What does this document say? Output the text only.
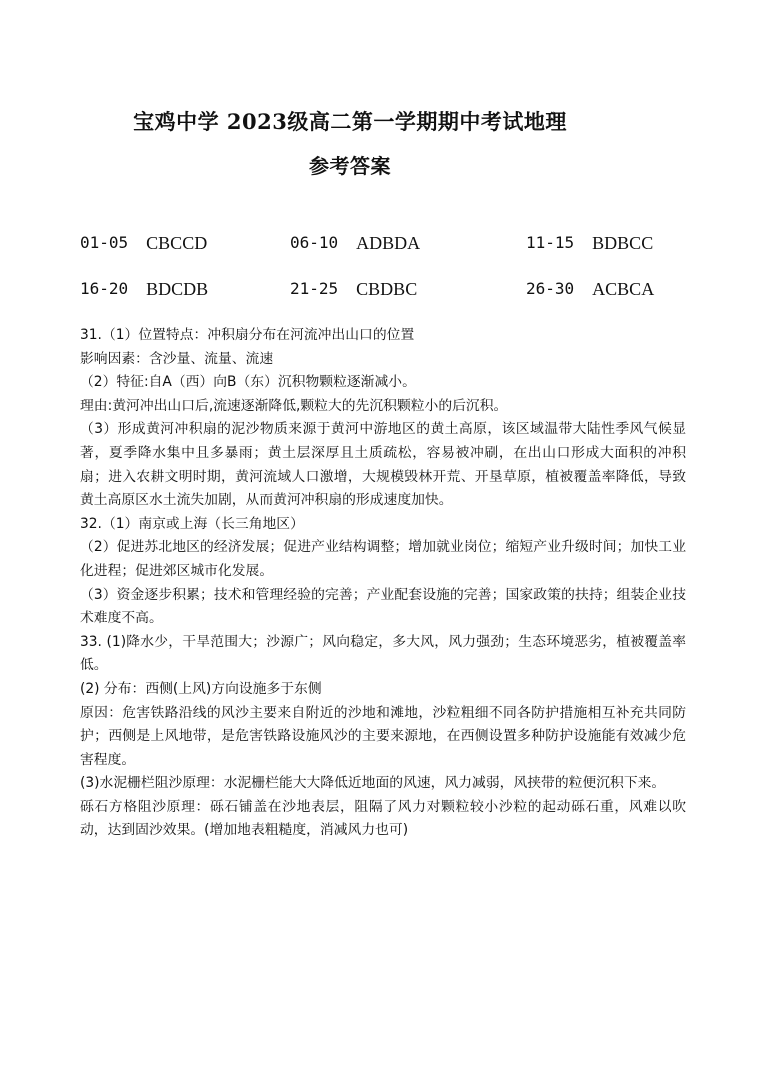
宝鸡中学 2023级高二第一学期期中考试地理
参考答案
01-05 CBCCD	06-10 ADBDA	11-15 BDBCC
16-20 BDCDB	21-25 CBDBC	26-30 ACBCA

31.（1）位置特点：冲积扇分布在河流冲出山口的位置

影响因素：含沙量、流量、流速

（2）特征:自A（西）向B（东）沉积物颗粒逐渐减小。

理由:黄河冲出山口后,流速逐渐降低,颗粒大的先沉积颗粒小的后沉积。

（3）形成黄河冲积扇的泥沙物质来源于黄河中游地区的黄土高原，该区域温带大陆性季风气候显著，夏季降水集中且多暴雨；黄土层深厚且土质疏松，容易被冲刷，在出山口形成大面积的冲积扇；进入农耕文明时期，黄河流域人口激增，大规模毁林开荒、开垦草原，植被覆盖率降低，导致黄土高原区水土流失加剧，从而黄河冲积扇的形成速度加快。

32.（1）南京或上海（长三角地区）

（2）促进苏北地区的经济发展；促进产业结构调整；增加就业岗位；缩短产业升级时间；加快工业化进程；促进郊区城市化发展。

（3）资金逐步积累；技术和管理经验的完善；产业配套设施的完善；国家政策的扶持；组装企业技术难度不高。

33. (1)降水少，干旱范围大；沙源广；风向稳定，多大风，风力强劲；生态环境恶劣，植被覆盖率低。

(2) 分布：西侧(上风)方向设施多于东侧

原因：危害铁路沿线的风沙主要来自附近的沙地和滩地，沙粒粗细不同各防护措施相互补充共同防护；西侧是上风地带，是危害铁路设施风沙的主要来源地，在西侧设置多种防护设施能有效减少危害程度。

(3)水泥栅栏阻沙原理：水泥栅栏能大大降低近地面的风速，风力减弱，风挟带的粒便沉积下来。

砾石方格阻沙原理：砾石铺盖在沙地表层，阻隔了风力对颗粒较小沙粒的起动砾石重，风难以吹动，达到固沙效果。(增加地表粗糙度，消减风力也可)
